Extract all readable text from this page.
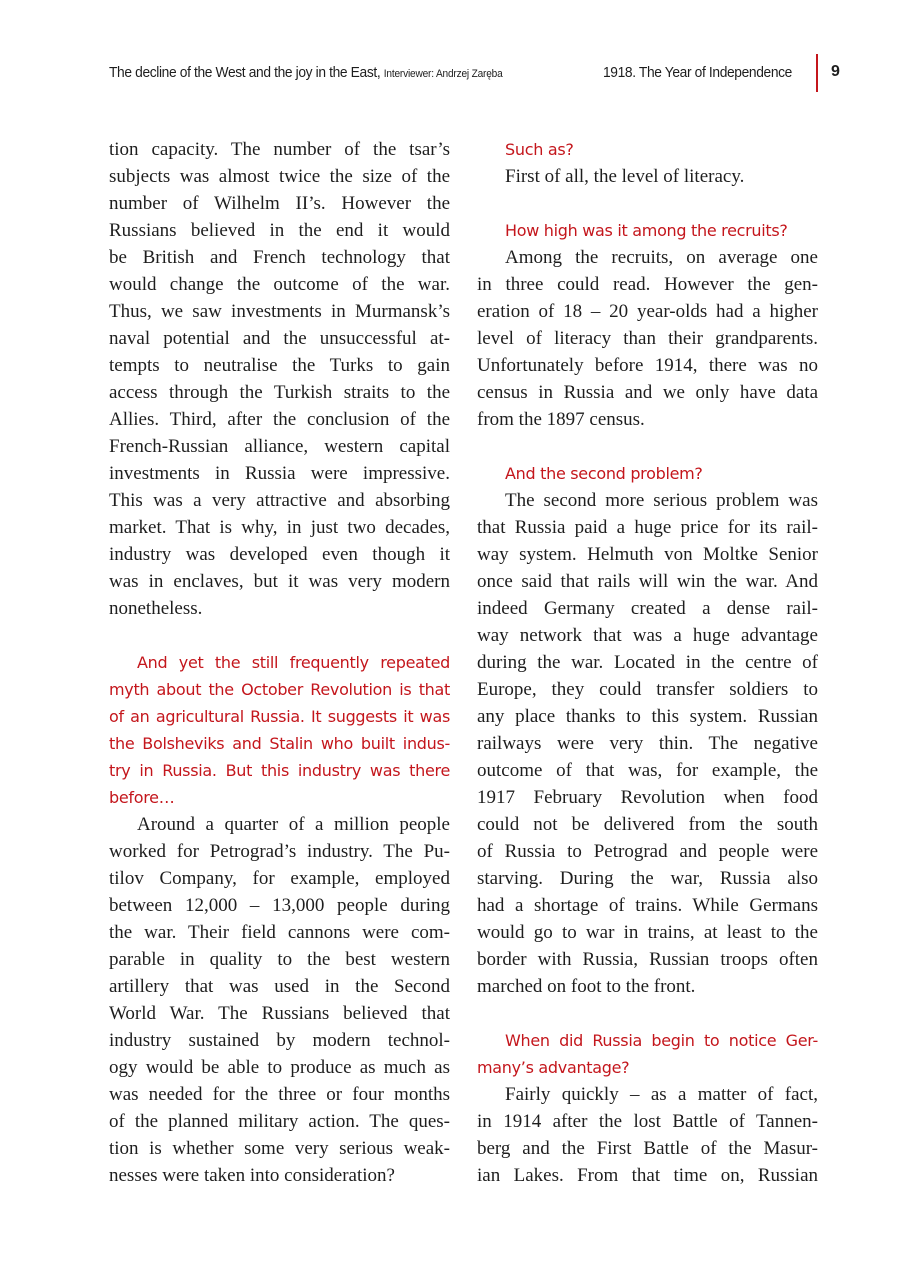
The decline of the West and the joy in the East, Interviewer: Andrzej Zaręba	1918. The Year of Independence 9
tion capacity. The number of the tsar’s
subjects was almost twice the size of the
number of Wilhelm II’s. However the
Russians believed in the end it would
be British and French technology that
would change the outcome of the war.
Thus, we saw investments in Murmansk’s
naval potential and the unsuccessful at-
tempts to neutralise the Turks to gain
access through the Turkish straits to the
Allies. Third, after the conclusion of the
French-Russian alliance, western capital
investments in Russia were impressive.
This was a very attractive and absorbing
market. That is why, in just two decades,
industry was developed even though it
was in enclaves, but it was very modern
nonetheless.
And yet the still frequently repeated
myth about the October Revolution is that
of an agricultural Russia. It suggests it was
the Bolsheviks and Stalin who built indus-
try in Russia. But this industry was there
before…
Around a quarter of a million people
worked for Petrograd’s industry. The Pu-
tilov Company, for example, employed
between 12,000 – 13,000 people during
the war. Their field cannons were com-
parable in quality to the best western
artillery that was used in the Second
World War. The Russians believed that
industry sustained by modern technol-
ogy would be able to produce as much as
was needed for the three or four months
of the planned military action. The ques-
tion is whether some very serious weak-
nesses were taken into consideration?
Such as?
First of all, the level of literacy.
How high was it among the recruits?
Among the recruits, on average one
in three could read. However the gen-
eration of 18 – 20 year-olds had a higher
level of literacy than their grandparents.
Unfortunately before 1914, there was no
census in Russia and we only have data
from the 1897 census.
And the second problem?
The second more serious problem was
that Russia paid a huge price for its rail-
way system. Helmuth von Moltke Senior
once said that rails will win the war. And
indeed Germany created a dense rail-
way network that was a huge advantage
during the war. Located in the centre of
Europe, they could transfer soldiers to
any place thanks to this system. Russian
railways were very thin. The negative
outcome of that was, for example, the
1917 February Revolution when food
could not be delivered from the south
of Russia to Petrograd and people were
starving. During the war, Russia also
had a shortage of trains. While Germans
would go to war in trains, at least to the
border with Russia, Russian troops often
marched on foot to the front.
When did Russia begin to notice Ger-
many’s advantage?
Fairly quickly – as a matter of fact,
in 1914 after the lost Battle of Tannen-
berg and the First Battle of the Masur-
ian Lakes. From that time on, Russian
